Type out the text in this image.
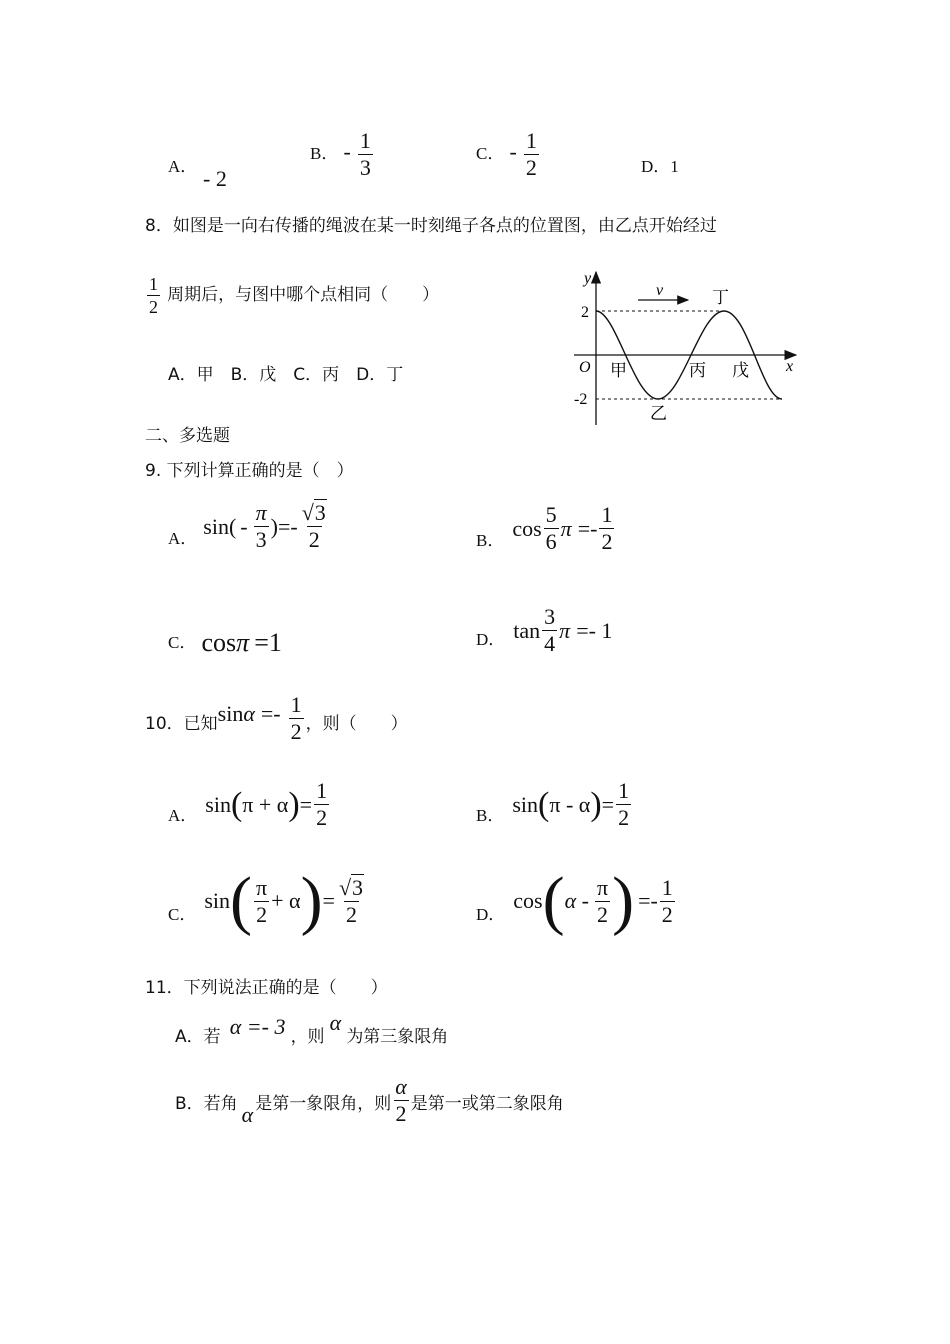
A． - 2
B． - $\frac{1}{3}$	C． - $\frac{1}{2}$	D．1
8．如图是一向右传播的绳波在某一时刻绳子各点的位置图，由乙点开始经过
$\frac{1}{2}$ 周期后，与图中哪个点相同（　　）
A．甲　B．戊　C．丙　D．丁
y
x
O
2
-2
v
甲
乙
丙
丁
戊
二、多选题
9. 下列计算正确的是（　）
A． $\sin( - \frac{\pi}{3}$ ) =- $\frac{√3}{2}$	B． $\cos \frac{5}{6}$ $\pi =- \frac{1}{2}$
C． cosπ =1	D． $\tan \frac{3}{4}$ π =- 1
10．已知 $\sin \alpha =- \frac{1}{2}$ ，则（　　）
A． sin ( π + α ) = $\frac{1}{2}$	B． sin ( π - α ) = $\frac{1}{2}$
C．
sin ( $\frac{\pi}{2} + \alpha$ ) = $\frac{√3}{2}$	D．
cos ( α - $\frac{\pi}{2}$ ) =- $\frac{1}{2}$
11．下列说法正确的是（　　）
A．若 α =- 3 ，则 α 为第三象限角
B．若角 α 是第一象限角，则 $\frac{\alpha}{2}$ 是第一或第二象限角
